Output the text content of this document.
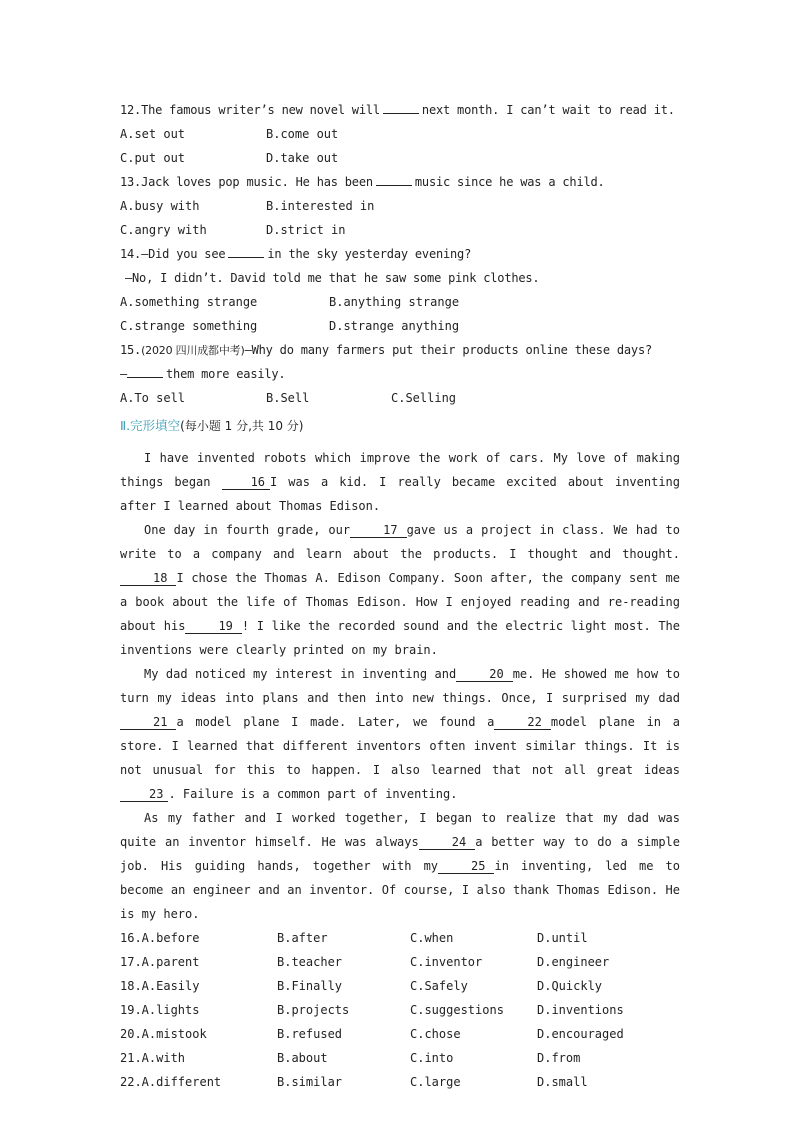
12.The famous writer’s new novel will	next month. I can’t wait to read it.
A.set out	B.come out
C.put out	D.take out
13.Jack loves pop music. He has been	music since he was a child.
A.busy with	B.interested in
C.angry with	D.strict in
14.—Did you see	in the sky yesterday evening?
—No, I didn’t. David told me that he saw some pink clothes.
A.something strange	B.anything strange
C.strange something	D.strange anything
15.(2020 四川成都中考)—Why do many farmers put their products online these days?
—	them more easily.
A.To sell	B.Sell	C.Selling
Ⅱ.完形填空(每小题 1 分,共 10 分)
I have invented robots which improve the work of cars. My love of making things began	16 I was a kid. I really became excited about inventing after I learned about Thomas Edison.
One day in fourth grade, our	17 gave us a project in class. We had to write to a company and learn about the products. I thought and thought.18 I chose the Thomas A. Edison Company. Soon after, the company sent me a book about the life of Thomas Edison. How I enjoyed reading and re-reading about his	19 ! I like the recorded sound and the electric light most. The inventions were clearly printed on my brain.
My dad noticed my interest in inventing and	20 me. He showed me how to turn my ideas into plans and then into new things. Once, I surprised my dad21 a model plane I made. Later, we found a	22 model plane in a store. I learned that different inventors often invent similar things. It is not unusual for this to happen. I also learned that not all great ideas23 . Failure is a common part of inventing.
As my father and I worked together, I began to realize that my dad was quite an inventor himself. He was always	24 a better way to do a simple job. His guiding hands, together with my	25 in inventing, led me to become an engineer and an inventor. Of course, I also thank Thomas Edison. He is my hero.
16.A.before	B.after	C.when	D.until
17.A.parent	B.teacher	C.inventor	D.engineer
18.A.Easily	B.Finally	C.Safely	D.Quickly
19.A.lights	B.projects	C.suggestions	D.inventions
20.A.mistook	B.refused	C.chose	D.encouraged
21.A.with	B.about	C.into	D.from
22.A.different	B.similar	C.large	D.small
